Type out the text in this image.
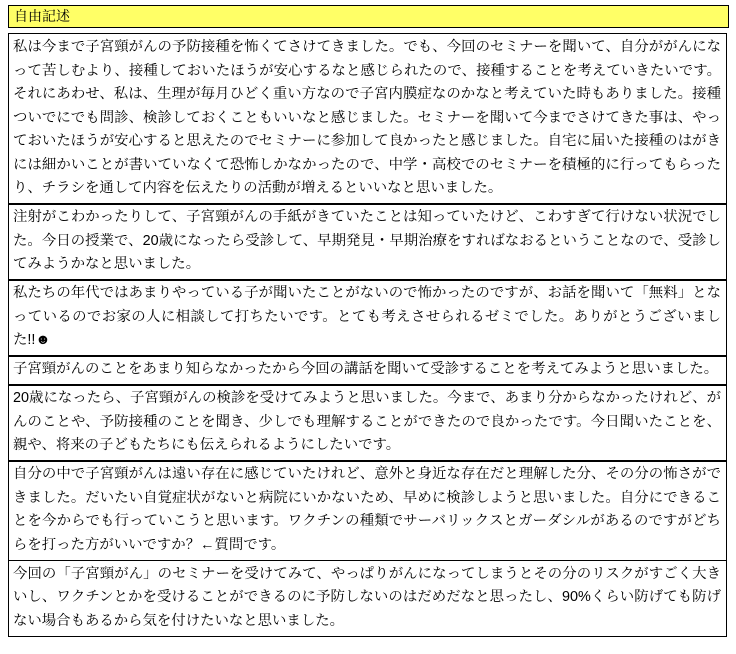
自由記述
私は今まで子宮頸がんの予防接種を怖くてさけてきました。でも、今回のセミナーを聞いて、自分ががんになって苦しむより、接種しておいたほうが安心するなと感じられたので、接種することを考えていきたいです。それにあわせ、私は、生理が毎月ひどく重い方なので子宮内膜症なのかなと考えていた時もありました。接種ついでにでも問診、検診しておくこともいいなと感じました。セミナーを聞いて今までさけてきた事は、やっておいたほうが安心すると思えたのでセミナーに参加して良かったと感じました。自宅に届いた接種のはがきには細かいことが書いていなくて恐怖しかなかったので、中学・高校でのセミナーを積極的に行ってもらったり、チラシを通して内容を伝えたりの活動が増えるといいなと思いました。
注射がこわかったりして、子宮頸がんの手紙がきていたことは知っていたけど、こわすぎて行けない状況でした。今日の授業で、20歳になったら受診して、早期発見・早期治療をすればなおるということなので、受診してみようかなと思いました。
私たちの年代ではあまりやっている子が聞いたことがないので怖かったのですが、お話を聞いて「無料」となっているのでお家の人に相談して打ちたいです。とても考えさせられるゼミでした。ありがとうございました!!☻
子宮頸がんのことをあまり知らなかったから今回の講話を聞いて受診することを考えてみようと思いました。
20歳になったら、子宮頸がんの検診を受けてみようと思いました。今まで、あまり分からなかったけれど、がんのことや、予防接種のことを聞き、少しでも理解することができたので良かったです。今日聞いたことを、親や、将来の子どもたちにも伝えられるようにしたいです。
自分の中で子宮頸がんは遠い存在に感じていたけれど、意外と身近な存在だと理解した分、その分の怖さができました。だいたい自覚症状がないと病院にいかないため、早めに検診しようと思いました。自分にできることを今からでも行っていこうと思います。ワクチンの種類でサーバリックスとガーダシルがあるのですがどちらを打った方がいいですか？←質問です。
今回の「子宮頸がん」のセミナーを受けてみて、やっぱりがんになってしまうとその分のリスクがすごく大きいし、ワクチンとかを受けることができるのに予防しないのはだめだなと思ったし、90%くらい防げても防げない場合もあるから気を付けたいなと思いました。
